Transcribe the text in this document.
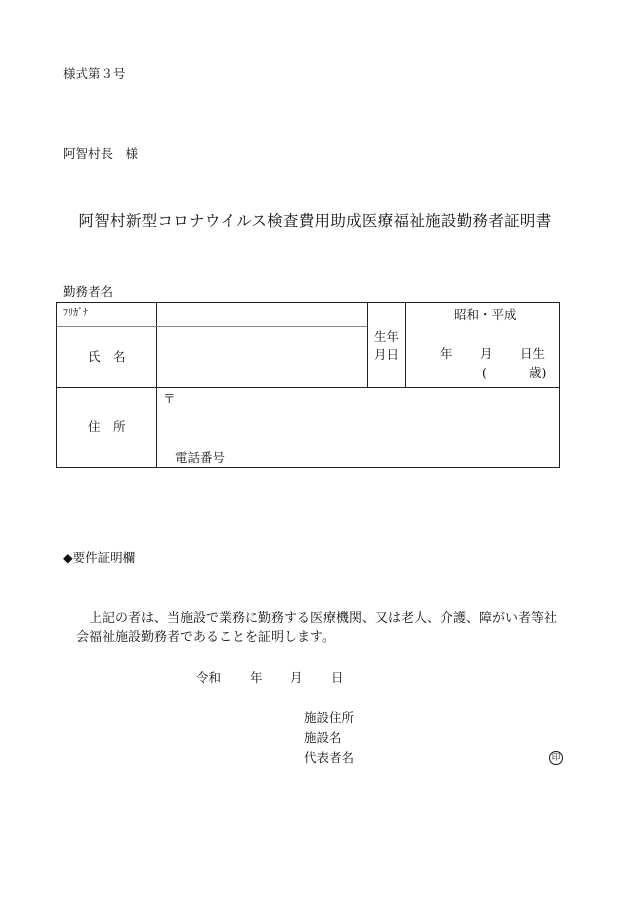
様式第３号
阿智村長　様
阿智村新型コロナウイルス検査費用助成医療福祉施設勤務者証明書
勤務者名
ﾌﾘｶﾞﾅ
氏　名
生年
月日
昭和・平成
年 月 日生
(	歳)
住　所
〒
電話番号
◆要件証明欄
上記の者は、当施設で業務に勤務する医療機関、又は老人、介護、障がい者等社
会福祉施設勤務者であることを証明します。
令和 年 月 日
施設住所
施設名
代表者名	印
